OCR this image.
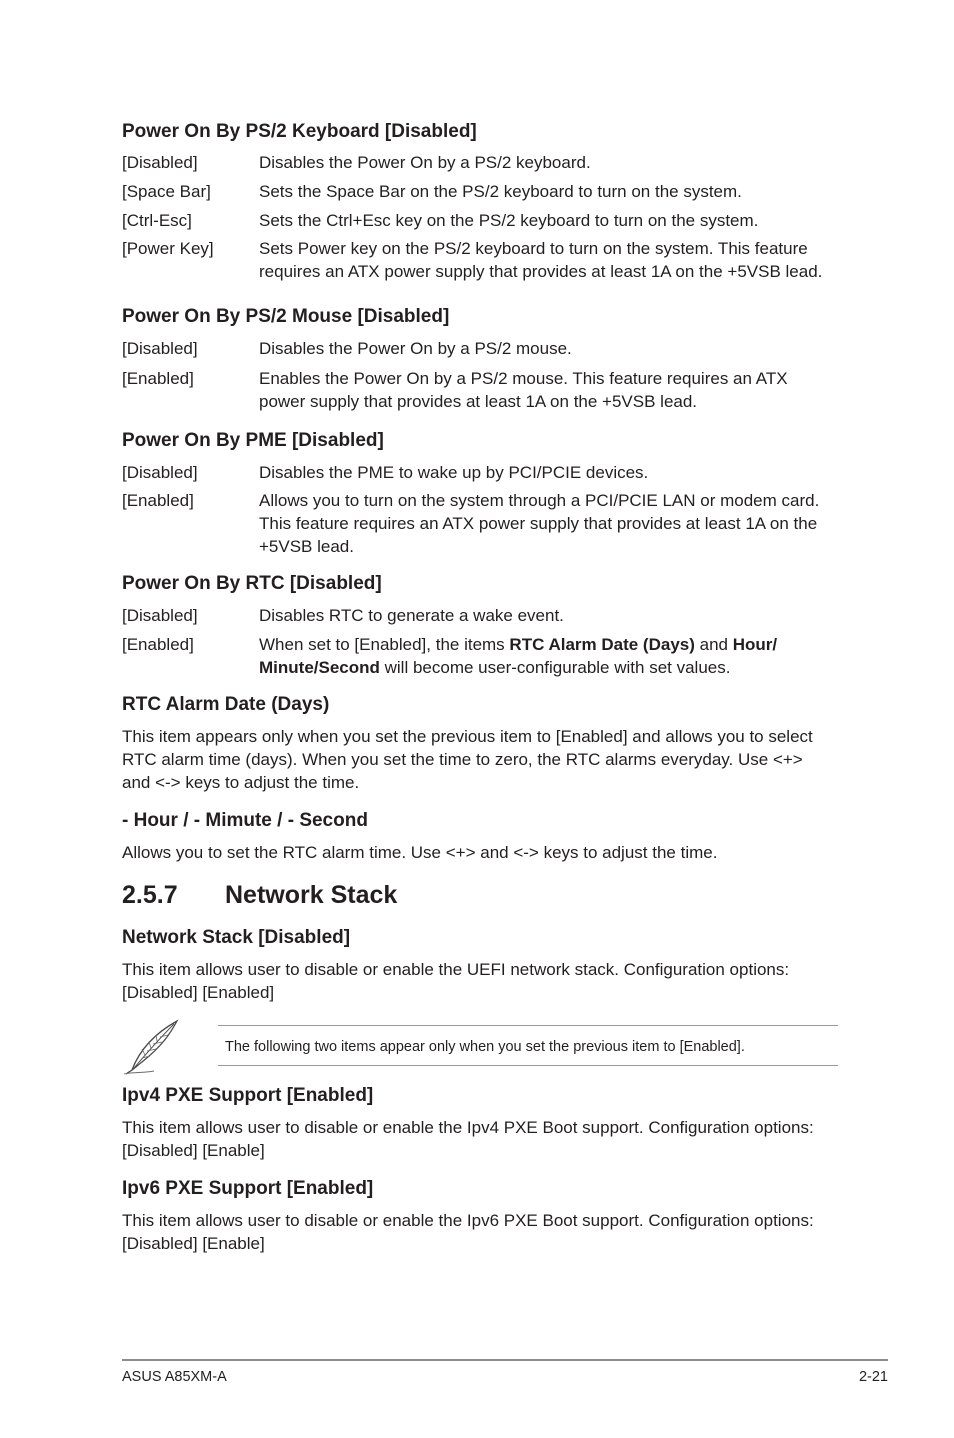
Power On By PS/2 Keyboard [Disabled]
[Disabled]	Disables the Power On by a PS/2 keyboard.
[Space Bar]	Sets the Space Bar on the PS/2 keyboard to turn on the system.
[Ctrl-Esc]	Sets the Ctrl+Esc key on the PS/2 keyboard to turn on the system.
[Power Key]	Sets Power key on the PS/2 keyboard to turn on the system. This feature
requires an ATX power supply that provides at least 1A on the +5VSB lead.
Power On By PS/2 Mouse [Disabled]
[Disabled]	Disables the Power On by a PS/2 mouse.
[Enabled]	Enables the Power On by a PS/2 mouse. This feature requires an ATX
power supply that provides at least 1A on the +5VSB lead.
Power On By PME [Disabled]
[Disabled]	Disables the PME to wake up by PCI/PCIE devices.
[Enabled]	Allows you to turn on the system through a PCI/PCIE LAN or modem card.
This feature requires an ATX power supply that provides at least 1A on the
+5VSB lead.
Power On By RTC [Disabled]
[Disabled]	Disables RTC to generate a wake event.
[Enabled]	When set to [Enabled], the items RTC Alarm Date (Days) and Hour/
Minute/Second will become user-configurable with set values.
RTC Alarm Date (Days)
This item appears only when you set the previous item to [Enabled] and allows you to select
RTC alarm time (days). When you set the time to zero, the RTC alarms everyday. Use <+>
and <-> keys to adjust the time.
- Hour / - Mimute / - Second
Allows you to set the RTC alarm time. Use <+> and <-> keys to adjust the time.
2.5.7 Network Stack
Network Stack [Disabled]
This item allows user to disable or enable the UEFI network stack. Configuration options:
[Disabled] [Enabled]
The following two items appear only when you set the previous item to [Enabled].
Ipv4 PXE Support [Enabled]
This item allows user to disable or enable the Ipv4 PXE Boot support. Configuration options:
[Disabled] [Enable]
Ipv6 PXE Support [Enabled]
This item allows user to disable or enable the Ipv6 PXE Boot support. Configuration options:
[Disabled] [Enable]
ASUS A85XM-A	2-21
